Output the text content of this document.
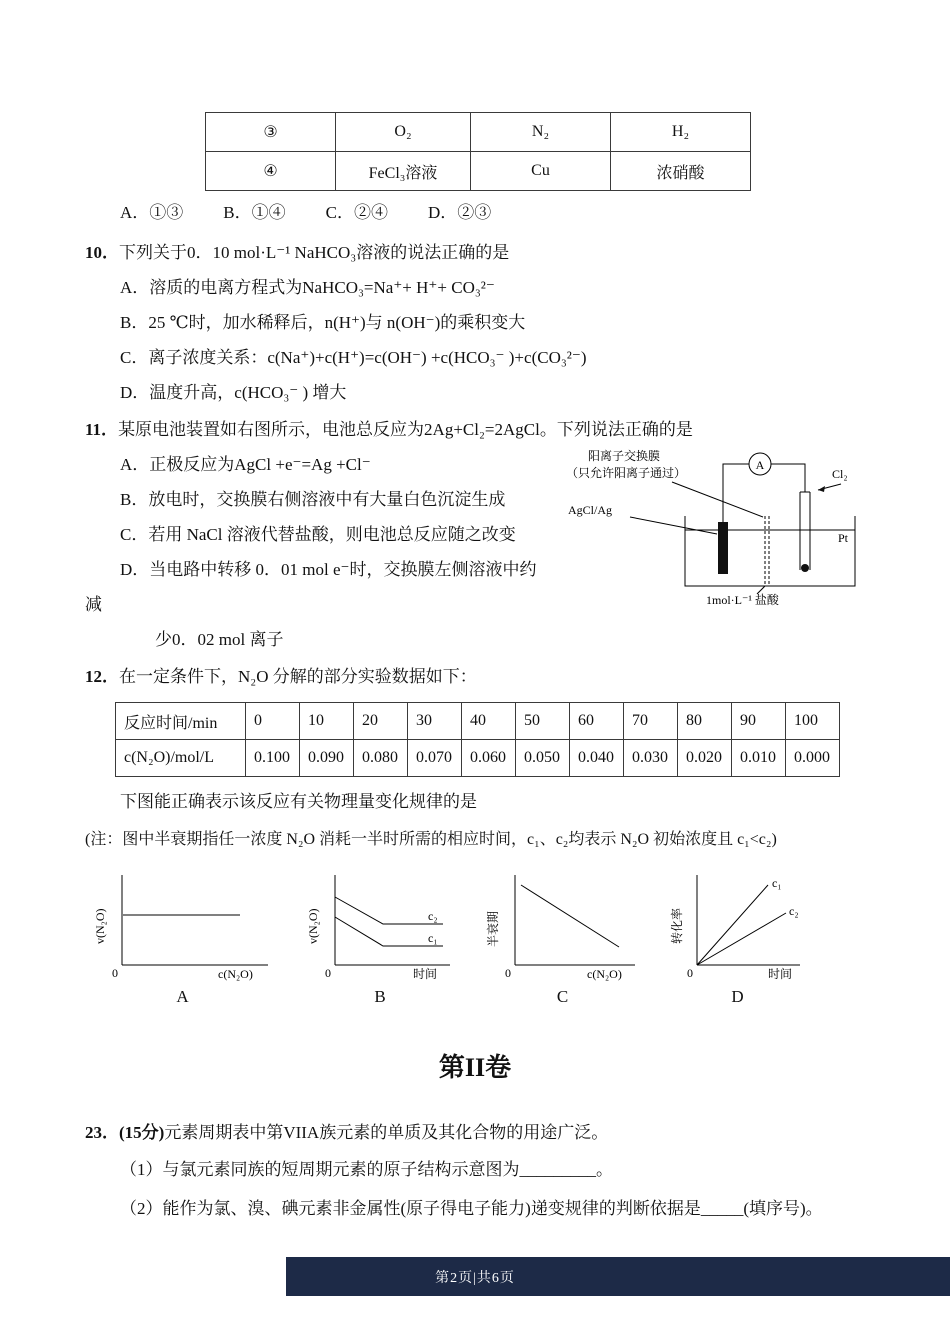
③	O₂	N₂	H₂
④	FeCl₃溶液	Cu	浓硝酸
A．①③ B．①④ C．②④ D．②③
10．下列关于0．10 mol·L⁻¹ NaHCO₃溶液的说法正确的是
A．溶质的电离方程式为NaHCO₃=Na⁺+ H⁺+ CO₃²⁻
B．25 ℃时，加水稀释后，n(H⁺)与 n(OH⁻)的乘积变大
C．离子浓度关系：c(Na⁺)+c(H⁺)=c(OH⁻) +c(HCO₃⁻ )+c(CO₃²⁻)
D．温度升高，c(HCO₃⁻ ) 增大
11．某原电池装置如右图所示，电池总反应为2Ag+Cl₂=2AgCl。下列说法正确的是
A．正极反应为AgCl +e⁻=Ag +Cl⁻
B．放电时，交换膜右侧溶液中有大量白色沉淀生成
C．若用 NaCl 溶液代替盐酸，则电池总反应随之改变
D．当电路中转移 0．01 mol e⁻时，交换膜左侧溶液中约
减
少0．02 mol 离子
阳离子交换膜
（只允许阳离子通过）
A
Cl₂
Pt
AgCl/Ag
1mol·L⁻¹ 盐酸
12．在一定条件下，N₂O 分解的部分实验数据如下：
反应时间/min	0	10	20	30	40	50	60	70	80	90	100
c(N₂O)/mol/L	0.100	0.090	0.080	0.070	0.060	0.050	0.040	0.030	0.020	0.010	0.000
下图能正确表示该反应有关物理量变化规律的是
(注：图中半衰期指任一浓度 N₂O 消耗一半时所需的相应时间，c₁、c₂均表示 N₂O 初始浓度且 c₁<c₂)
v(N₂O)
0	c(N₂O)
A
c₂
c₁
v(N₂O)
0	时间
B
半衰期
0	c(N₂O)
C
c₁
c₂
转化率
0	时间
D
第II卷
23．(15分)元素周期表中第VIIA族元素的单质及其化合物的用途广泛。
（1）与氯元素同族的短周期元素的原子结构示意图为_________。
（2）能作为氯、溴、碘元素非金属性(原子得电子能力)递变规律的判断依据是_____(填序号)。
第2页|共6页
